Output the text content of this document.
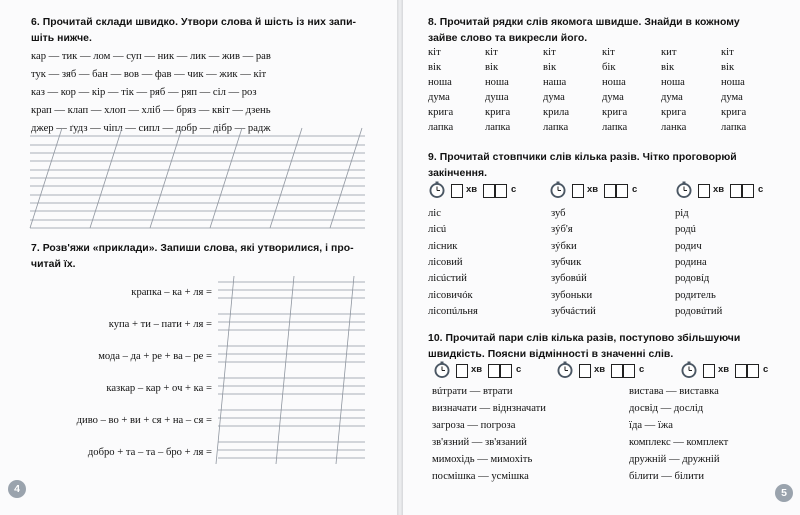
6. Прочитай склади швидко. Утвори слова й шість із них запи-
шіть нижче.
кар — тик — лом — суп — ник — лик — жив — рав
тук — зяб — бан — вов — фав — чик — жик — кіт
каз — кор — кір — тік — ряб — ряп — сіл — роз
крап — клап — хлоп — хліб — бряз — квіт — дзень
джер — ґудз — чіпл — сипл — добр — дібр — радж
7. Розв'яжи «приклади». Запиши слова, які утворилися, і про-
читай їх.
крапка – ка + ля =
купа + ти – пати + ля =
мода – да + ре + ва – ре =
казкар – кар + оч + ка =
диво – во + ви + ся + на – ся =
добро + та – та – бро + ля =
4
8. Прочитай рядки слів якомога швидше. Знайди в кожному
зайве слово та викресли його.
кіт	кіт	кіт	кіт	кит	кіт
вік	вік	вік	бік	вік	вік
ноша	ноша	наша	ноша	ноша	ноша
дума	душа	дума	дума	дума	дума
крига	крига	крила	крига	крига	крига
лапка	лапка	лапка	лапка	ланка	лапка
9. Прочитай стовпчики слів кілька разів. Чітко проговорюй
закінчення.
хв	с	хв	с	хв	с
ліс
лісú
лісник
лісовий
лісúстий
лісовичóк
лісопúльня
зуб
зýб'я
зýбки
зубчик
зубовúй
зубоньки
зубчáстий
рід
родú
родич
родина
родовíд
родитель
родовúтий
10. Прочитай пари слів кілька разів, поступово збільшуючи
швидкість. Поясни відмінності в значенні слів.
хв	с	хв	с	хв	с
вúтрати — втрати
визначати — віднзначати
загроза — погроза
зв'язний — зв'язаний
мимохідь — мимохіть
посмішка — усмішка
вистава — виставка
досвід — дослід
їда — їжа
комплекс — комплект
дружній — дружній
білити — білити
5
